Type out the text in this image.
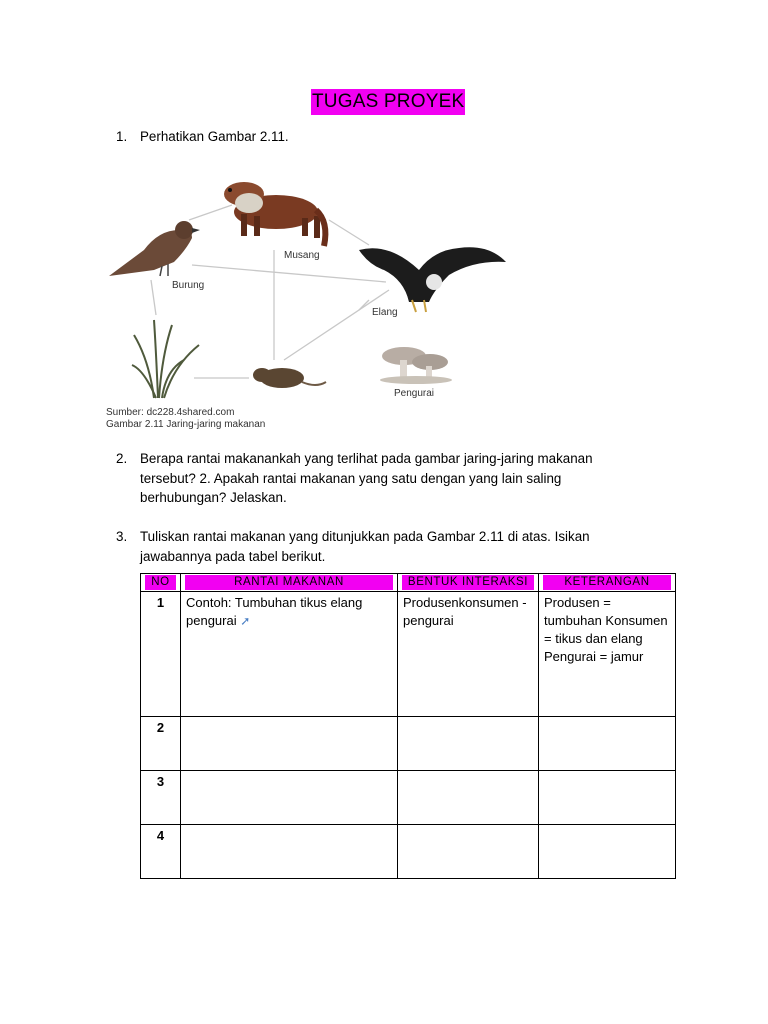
TUGAS PROYEK
1. Perhatikan Gambar 2.11.
Musang
Burung
Elang
Pengurai
Sumber: dc228.4shared.com
Gambar 2.11 Jaring-jaring makanan
2. Berapa rantai makanankah yang terlihat pada gambar jaring-jaring makanan tersebut? 2. Apakah rantai makanan yang satu dengan yang lain saling berhubungan? Jelaskan.
3. Tuliskan rantai makanan yang ditunjukkan pada Gambar 2.11 di atas. Isikan jawabannya pada tabel berikut.
NO	RANTAI MAKANAN	BENTUK INTERAKSI	KETERANGAN

1	Contoh: Tumbuhan tikus elang pengurai ➚	Produsenkonsumen - pengurai	Produsen = tumbuhan Konsumen = tikus dan elang Pengurai = jamur
2			
3			
4			
